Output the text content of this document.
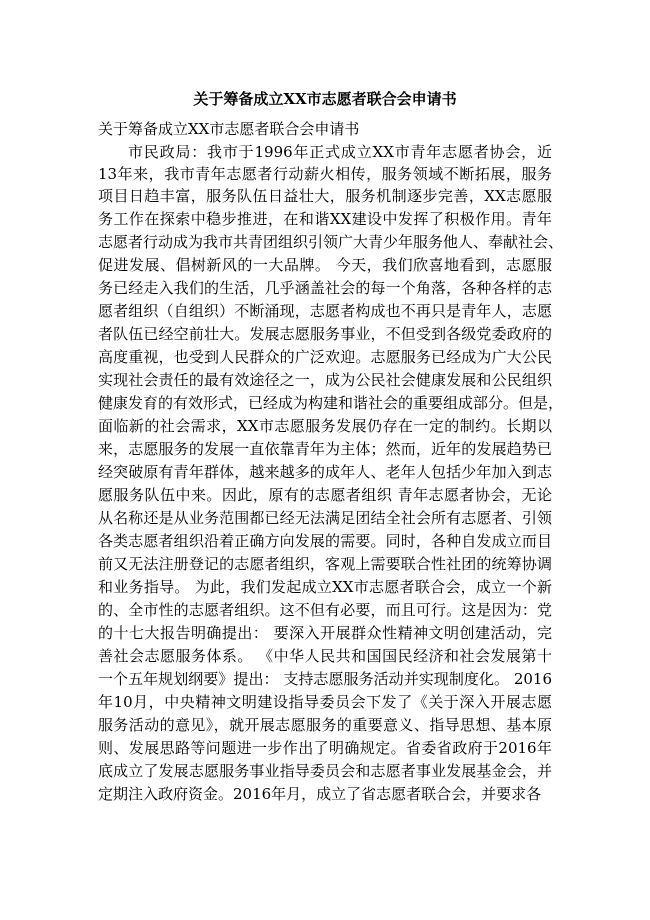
关于筹备成立XX市志愿者联合会申请书
关于筹备成立XX市志愿者联合会申请书
市民政局：我市于1996年正式成立XX市青年志愿者协会，近
13年来，我市青年志愿者行动薪火相传，服务领域不断拓展，服务
项目日趋丰富，服务队伍日益壮大，服务机制逐步完善，XX志愿服
务工作在探索中稳步推进，在和谐XX建设中发挥了积极作用。青年
志愿者行动成为我市共青团组织引领广大青少年服务他人、奉献社会、
促进发展、倡树新风的一大品牌。 今天，我们欣喜地看到，志愿服
务已经走入我们的生活，几乎涵盖社会的每一个角落，各种各样的志
愿者组织（自组织）不断涌现，志愿者构成也不再只是青年人，志愿
者队伍已经空前壮大。发展志愿服务事业，不但受到各级党委政府的
高度重视，也受到人民群众的广泛欢迎。志愿服务已经成为广大公民
实现社会责任的最有效途径之一，成为公民社会健康发展和公民组织
健康发育的有效形式，已经成为构建和谐社会的重要组成部分。但是，
面临新的社会需求，XX市志愿服务发展仍存在一定的制约。长期以
来，志愿服务的发展一直依靠青年为主体；然而，近年的发展趋势已
经突破原有青年群体，越来越多的成年人、老年人包括少年加入到志
愿服务队伍中来。因此，原有的志愿者组织 青年志愿者协会，无论
从名称还是从业务范围都已经无法满足团结全社会所有志愿者、引领
各类志愿者组织沿着正确方向发展的需要。同时，各种自发成立而目
前又无法注册登记的志愿者组织，客观上需要联合性社团的统筹协调
和业务指导。 为此，我们发起成立XX市志愿者联合会，成立一个新
的、全市性的志愿者组织。这不但有必要，而且可行。这是因为：党
的十七大报告明确提出： 要深入开展群众性精神文明创建活动，完
善社会志愿服务体系。 《中华人民共和国国民经济和社会发展第十
一个五年规划纲要》提出： 支持志愿服务活动并实现制度化。 2016
年10月，中央精神文明建设指导委员会下发了《关于深入开展志愿
服务活动的意见》，就开展志愿服务的重要意义、指导思想、基本原
则、发展思路等问题进一步作出了明确规定。省委省政府于2016年
底成立了发展志愿服务事业指导委员会和志愿者事业发展基金会，并
定期注入政府资金。2016年月，成立了省志愿者联合会，并要求各
